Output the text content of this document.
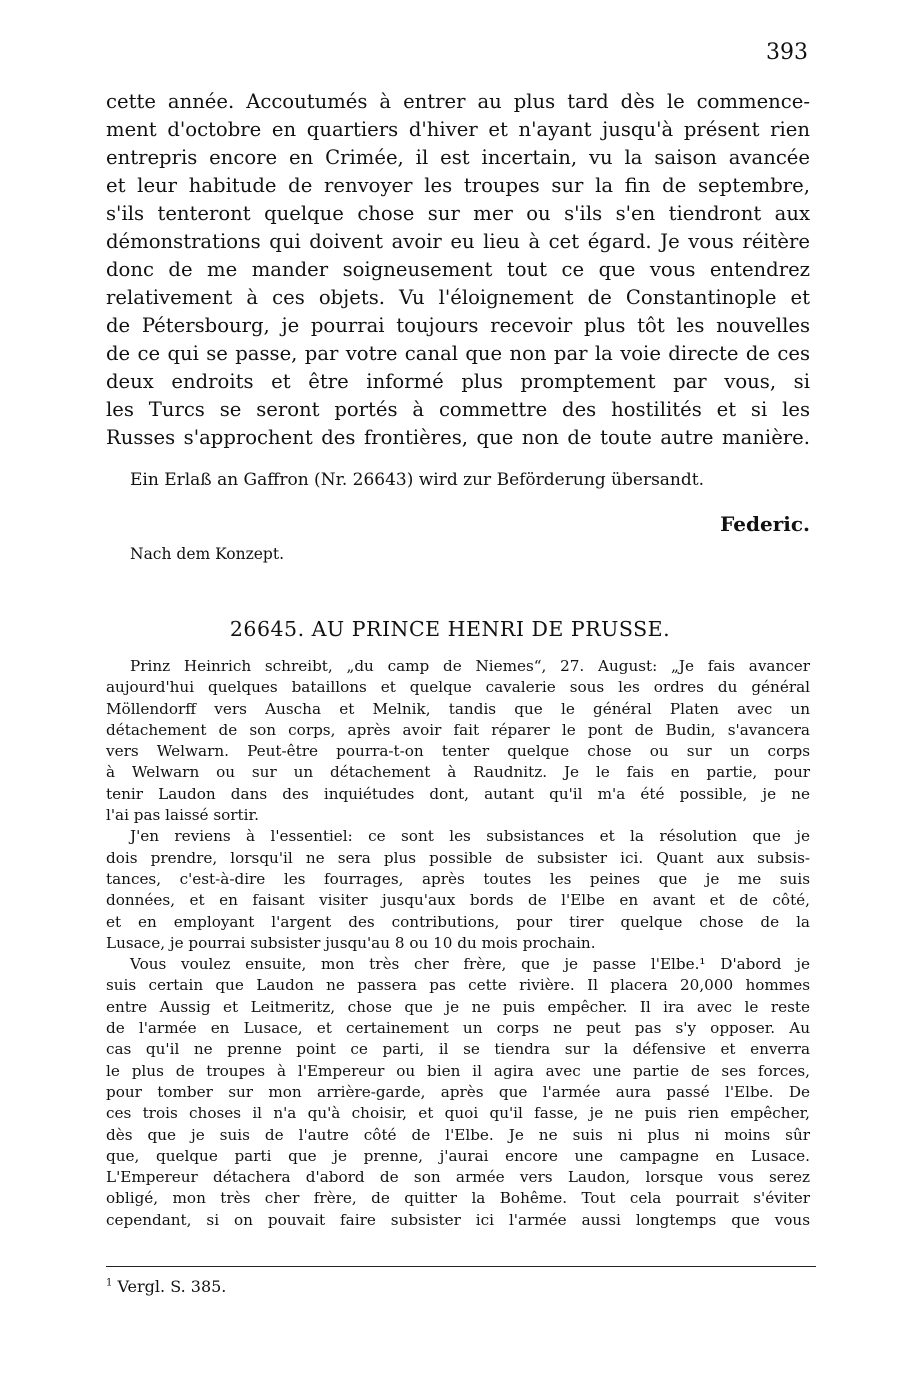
393
cette année. Accoutumés à entrer au plus tard dès le commence-
ment d'octobre en quartiers d'hiver et n'ayant jusqu'à présent rien
entrepris encore en Crimée, il est incertain, vu la saison avancée
et leur habitude de renvoyer les troupes sur la fin de septembre,
s'ils tenteront quelque chose sur mer ou s'ils s'en tiendront aux
démonstrations qui doivent avoir eu lieu à cet égard. Je vous réitère
donc de me mander soigneusement tout ce que vous entendrez
relativement à ces objets. Vu l'éloignement de Constantinople et
de Pétersbourg, je pourrai toujours recevoir plus tôt les nouvelles
de ce qui se passe, par votre canal que non par la voie directe de ces
deux endroits et être informé plus promptement par vous, si
les Turcs se seront portés à commettre des hostilités et si les
Russes s'approchent des frontières, que non de toute autre manière.
Ein Erlaß an Gaffron (Nr. 26643) wird zur Beförderung übersandt.
Federic.
Nach dem Konzept.
26645. AU PRINCE HENRI DE PRUSSE.
Prinz Heinrich schreibt, „du camp de Niemes“, 27. August: „Je fais avancer
aujourd'hui quelques bataillons et quelque cavalerie sous les ordres du général
Möllendorff vers Auscha et Melnik, tandis que le général Platen avec un
détachement de son corps, après avoir fait réparer le pont de Budin, s'avancera
vers Welwarn. Peut-être pourra-t-on tenter quelque chose ou sur un corps
à Welwarn ou sur un détachement à Raudnitz. Je le fais en partie, pour
tenir Laudon dans des inquiétudes dont, autant qu'il m'a été possible, je ne
l'ai pas laissé sortir.
J'en reviens à l'essentiel: ce sont les subsistances et la résolution que je
dois prendre, lorsqu'il ne sera plus possible de subsister ici. Quant aux subsis-
tances, c'est-à-dire les fourrages, après toutes les peines que je me suis
données, et en faisant visiter jusqu'aux bords de l'Elbe en avant et de côté,
et en employant l'argent des contributions, pour tirer quelque chose de la
Lusace, je pourrai subsister jusqu'au 8 ou 10 du mois prochain.
Vous voulez ensuite, mon très cher frère, que je passe l'Elbe.¹ D'abord je
suis certain que Laudon ne passera pas cette rivière. Il placera 20,000 hommes
entre Aussig et Leitmeritz, chose que je ne puis empêcher. Il ira avec le reste
de l'armée en Lusace, et certainement un corps ne peut pas s'y opposer. Au
cas qu'il ne prenne point ce parti, il se tiendra sur la défensive et enverra
le plus de troupes à l'Empereur ou bien il agira avec une partie de ses forces,
pour tomber sur mon arrière-garde, après que l'armée aura passé l'Elbe. De
ces trois choses il n'a qu'à choisir, et quoi qu'il fasse, je ne puis rien empêcher,
dès que je suis de l'autre côté de l'Elbe. Je ne suis ni plus ni moins sûr
que, quelque parti que je prenne, j'aurai encore une campagne en Lusace.
L'Empereur détachera d'abord de son armée vers Laudon, lorsque vous serez
obligé, mon très cher frère, de quitter la Bohême. Tout cela pourrait s'éviter
cependant, si on pouvait faire subsister ici l'armée aussi longtemps que vous
$^1$ Vergl. S. 385.
